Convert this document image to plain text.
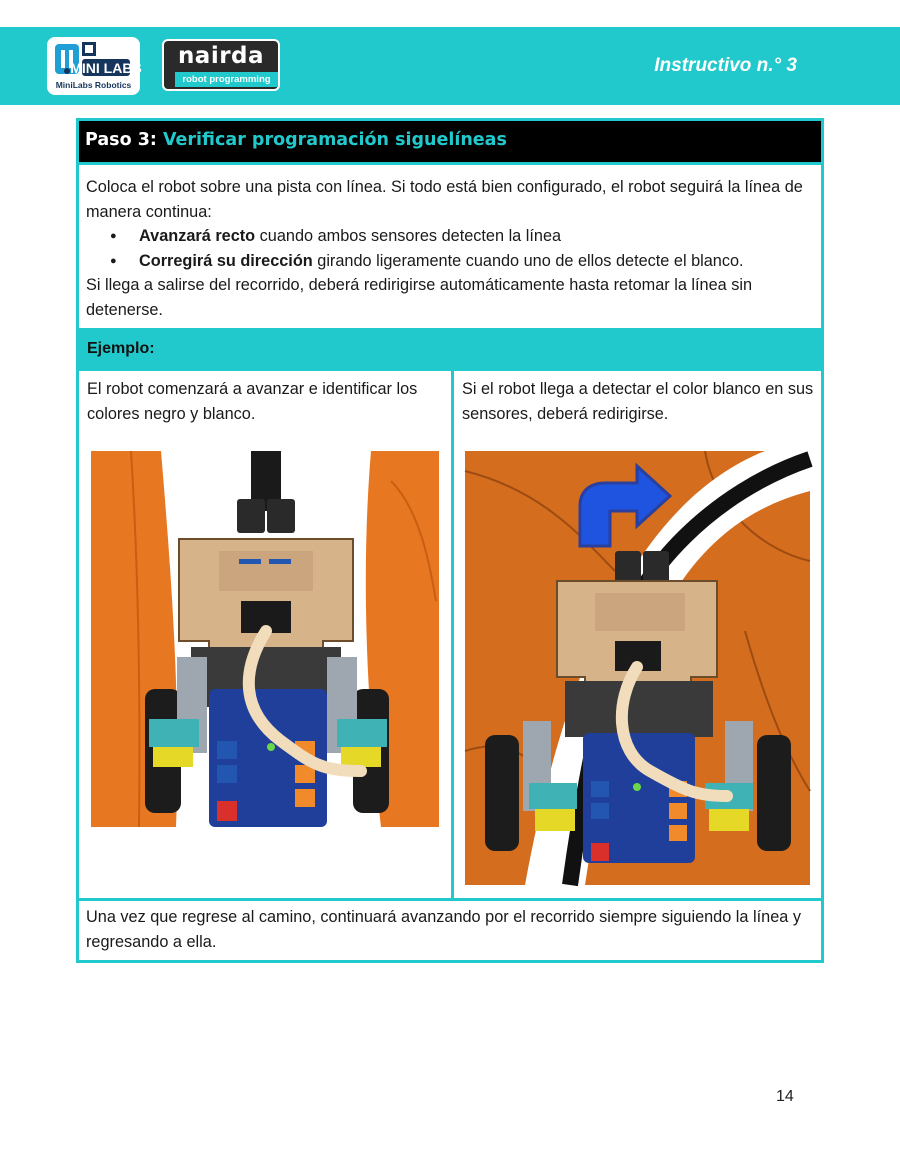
MINI LABS
MiniLabs Robotics
nairda
robot programming
Instructivo n.° 3
Paso 3: Verificar programación siguelíneas

Coloca el robot sobre una pista con línea. Si todo está bien configurado, el robot seguirá la línea de manera continua:

● Avanzará recto cuando ambos sensores detecten la línea
● Corregirá su dirección girando ligeramente cuando uno de ellos detecte el blanco.

Si llega a salirse del recorrido, deberá redirigirse automáticamente hasta retomar la línea sin detenerse.

Ejemplo:
El robot comenzará a avanzar e identificar los colores negro y blanco.
Si el robot llega a detectar el color blanco en sus sensores, deberá redirigirse.
Una vez que regrese al camino, continuará avanzando por el recorrido siempre siguiendo la línea y regresando a ella.
14
